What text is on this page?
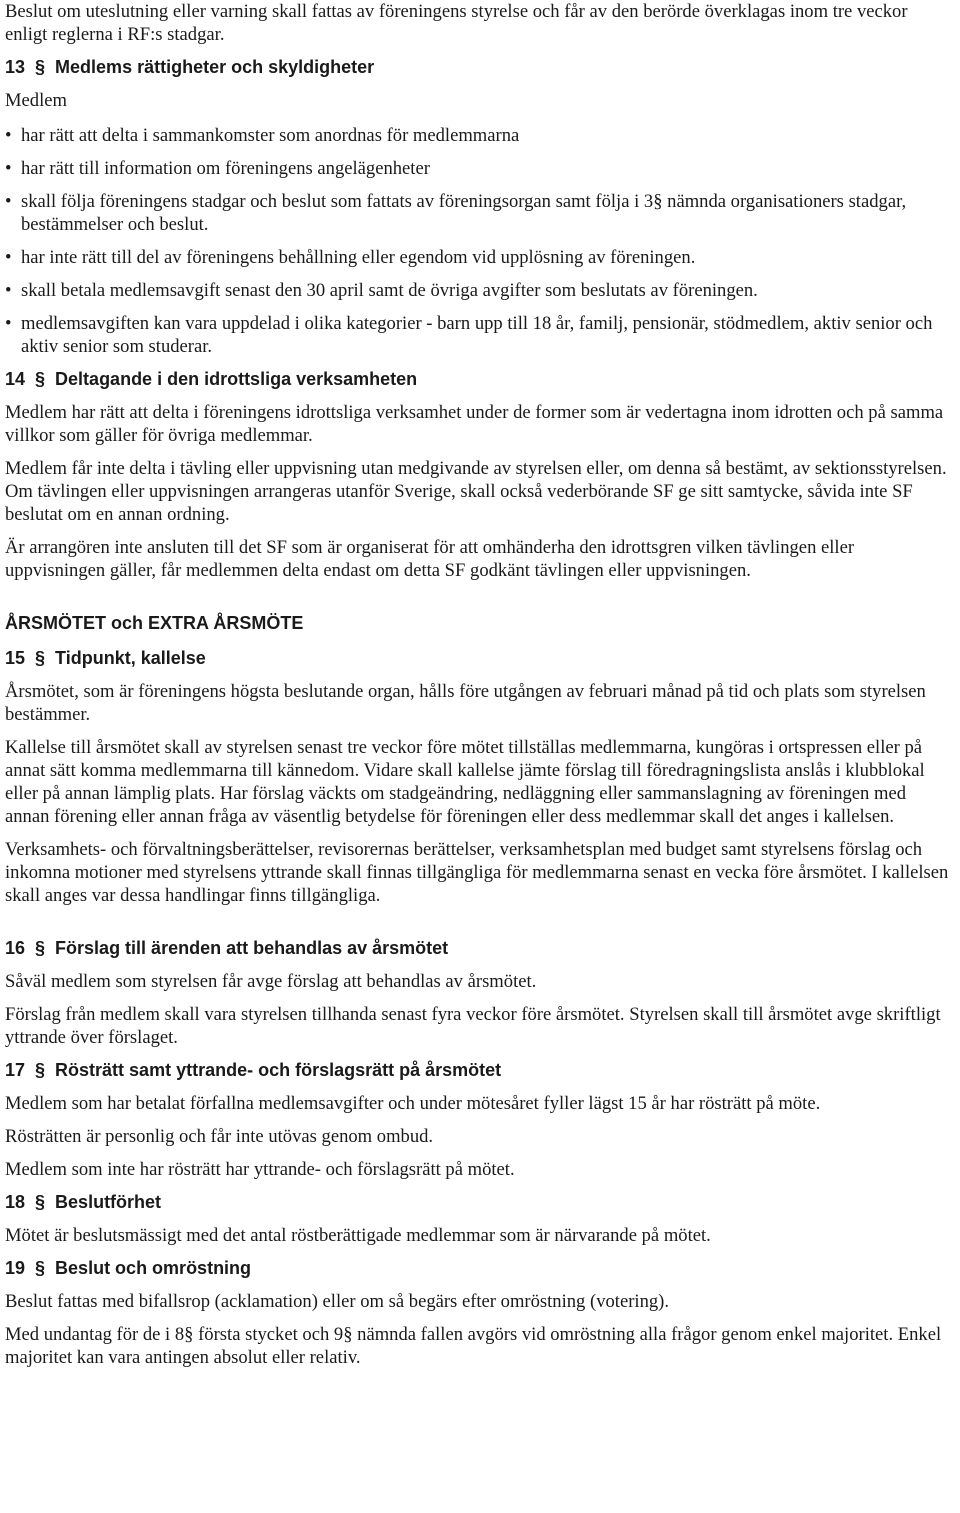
Beslut om uteslutning eller varning skall fattas av föreningens styrelse och får av den berörde överklagas inom tre veckor enligt reglerna i RF:s stadgar.

13 § Medlems rättigheter och skyldigheter

Medlem

• har rätt att delta i sammankomster som anordnas för medlemmarna
• har rätt till information om föreningens angelägenheter
• skall följa föreningens stadgar och beslut som fattats av föreningsorgan samt följa i 3§ nämnda organisationers stadgar, bestämmelser och beslut.
• har inte rätt till del av föreningens behållning eller egendom vid upplösning av föreningen.
• skall betala medlemsavgift senast den 30 april samt de övriga avgifter som beslutats av föreningen.
• medlemsavgiften kan vara uppdelad i olika kategorier - barn upp till 18 år, familj, pensionär, stödmedlem, aktiv senior och aktiv senior som studerar.
14 § Deltagande i den idrottsliga verksamheten

Medlem har rätt att delta i föreningens idrottsliga verksamhet under de former som är vedertagna inom idrotten och på samma villkor som gäller för övriga medlemmar.

Medlem får inte delta i tävling eller uppvisning utan medgivande av styrelsen eller, om denna så bestämt, av sektionsstyrelsen. Om tävlingen eller uppvisningen arrangeras utanför Sverige, skall också vederbörande SF ge sitt samtycke, såvida inte SF beslutat om en annan ordning.

Är arrangören inte ansluten till det SF som är organiserat för att omhänderha den idrottsgren vilken tävlingen eller uppvisningen gäller, får medlemmen delta endast om detta SF godkänt tävlingen eller uppvisningen.

ÅRSMÖTET och EXTRA ÅRSMÖTE
15 § Tidpunkt, kallelse

Årsmötet, som är föreningens högsta beslutande organ, hålls före utgången av februari månad på tid och plats som styrelsen bestämmer.

Kallelse till årsmötet skall av styrelsen senast tre veckor före mötet tillställas medlemmarna, kungöras i ortspressen eller på annat sätt komma medlemmarna till kännedom. Vidare skall kallelse jämte förslag till föredragningslista anslås i klubblokal eller på annan lämplig plats. Har förslag väckts om stadgeändring, nedläggning eller sammanslagning av föreningen med annan förening eller annan fråga av väsentlig betydelse för föreningen eller dess medlemmar skall det anges i kallelsen.

Verksamhets- och förvaltningsberättelser, revisorernas berättelser, verksamhetsplan med budget samt styrelsens förslag och inkomna motioner med styrelsens yttrande skall finnas tillgängliga för medlemmarna senast en vecka före årsmötet. I kallelsen skall anges var dessa handlingar finns tillgängliga.

16 § Förslag till ärenden att behandlas av årsmötet

Såväl medlem som styrelsen får avge förslag att behandlas av årsmötet.

Förslag från medlem skall vara styrelsen tillhanda senast fyra veckor före årsmötet. Styrelsen skall till årsmötet avge skriftligt yttrande över förslaget.

17 § Rösträtt samt yttrande- och förslagsrätt på årsmötet

Medlem som har betalat förfallna medlemsavgifter och under mötesåret fyller lägst 15 år har rösträtt på möte.

Rösträtten är personlig och får inte utövas genom ombud.

Medlem som inte har rösträtt har yttrande- och förslagsrätt på mötet.

18 § Beslutförhet

Mötet är beslutsmässigt med det antal röstberättigade medlemmar som är närvarande på mötet.

19 § Beslut och omröstning

Beslut fattas med bifallsrop (acklamation) eller om så begärs efter omröstning (votering).

Med undantag för de i 8§ första stycket och 9§ nämnda fallen avgörs vid omröstning alla frågor genom enkel majoritet. Enkel majoritet kan vara antingen absolut eller relativ.
